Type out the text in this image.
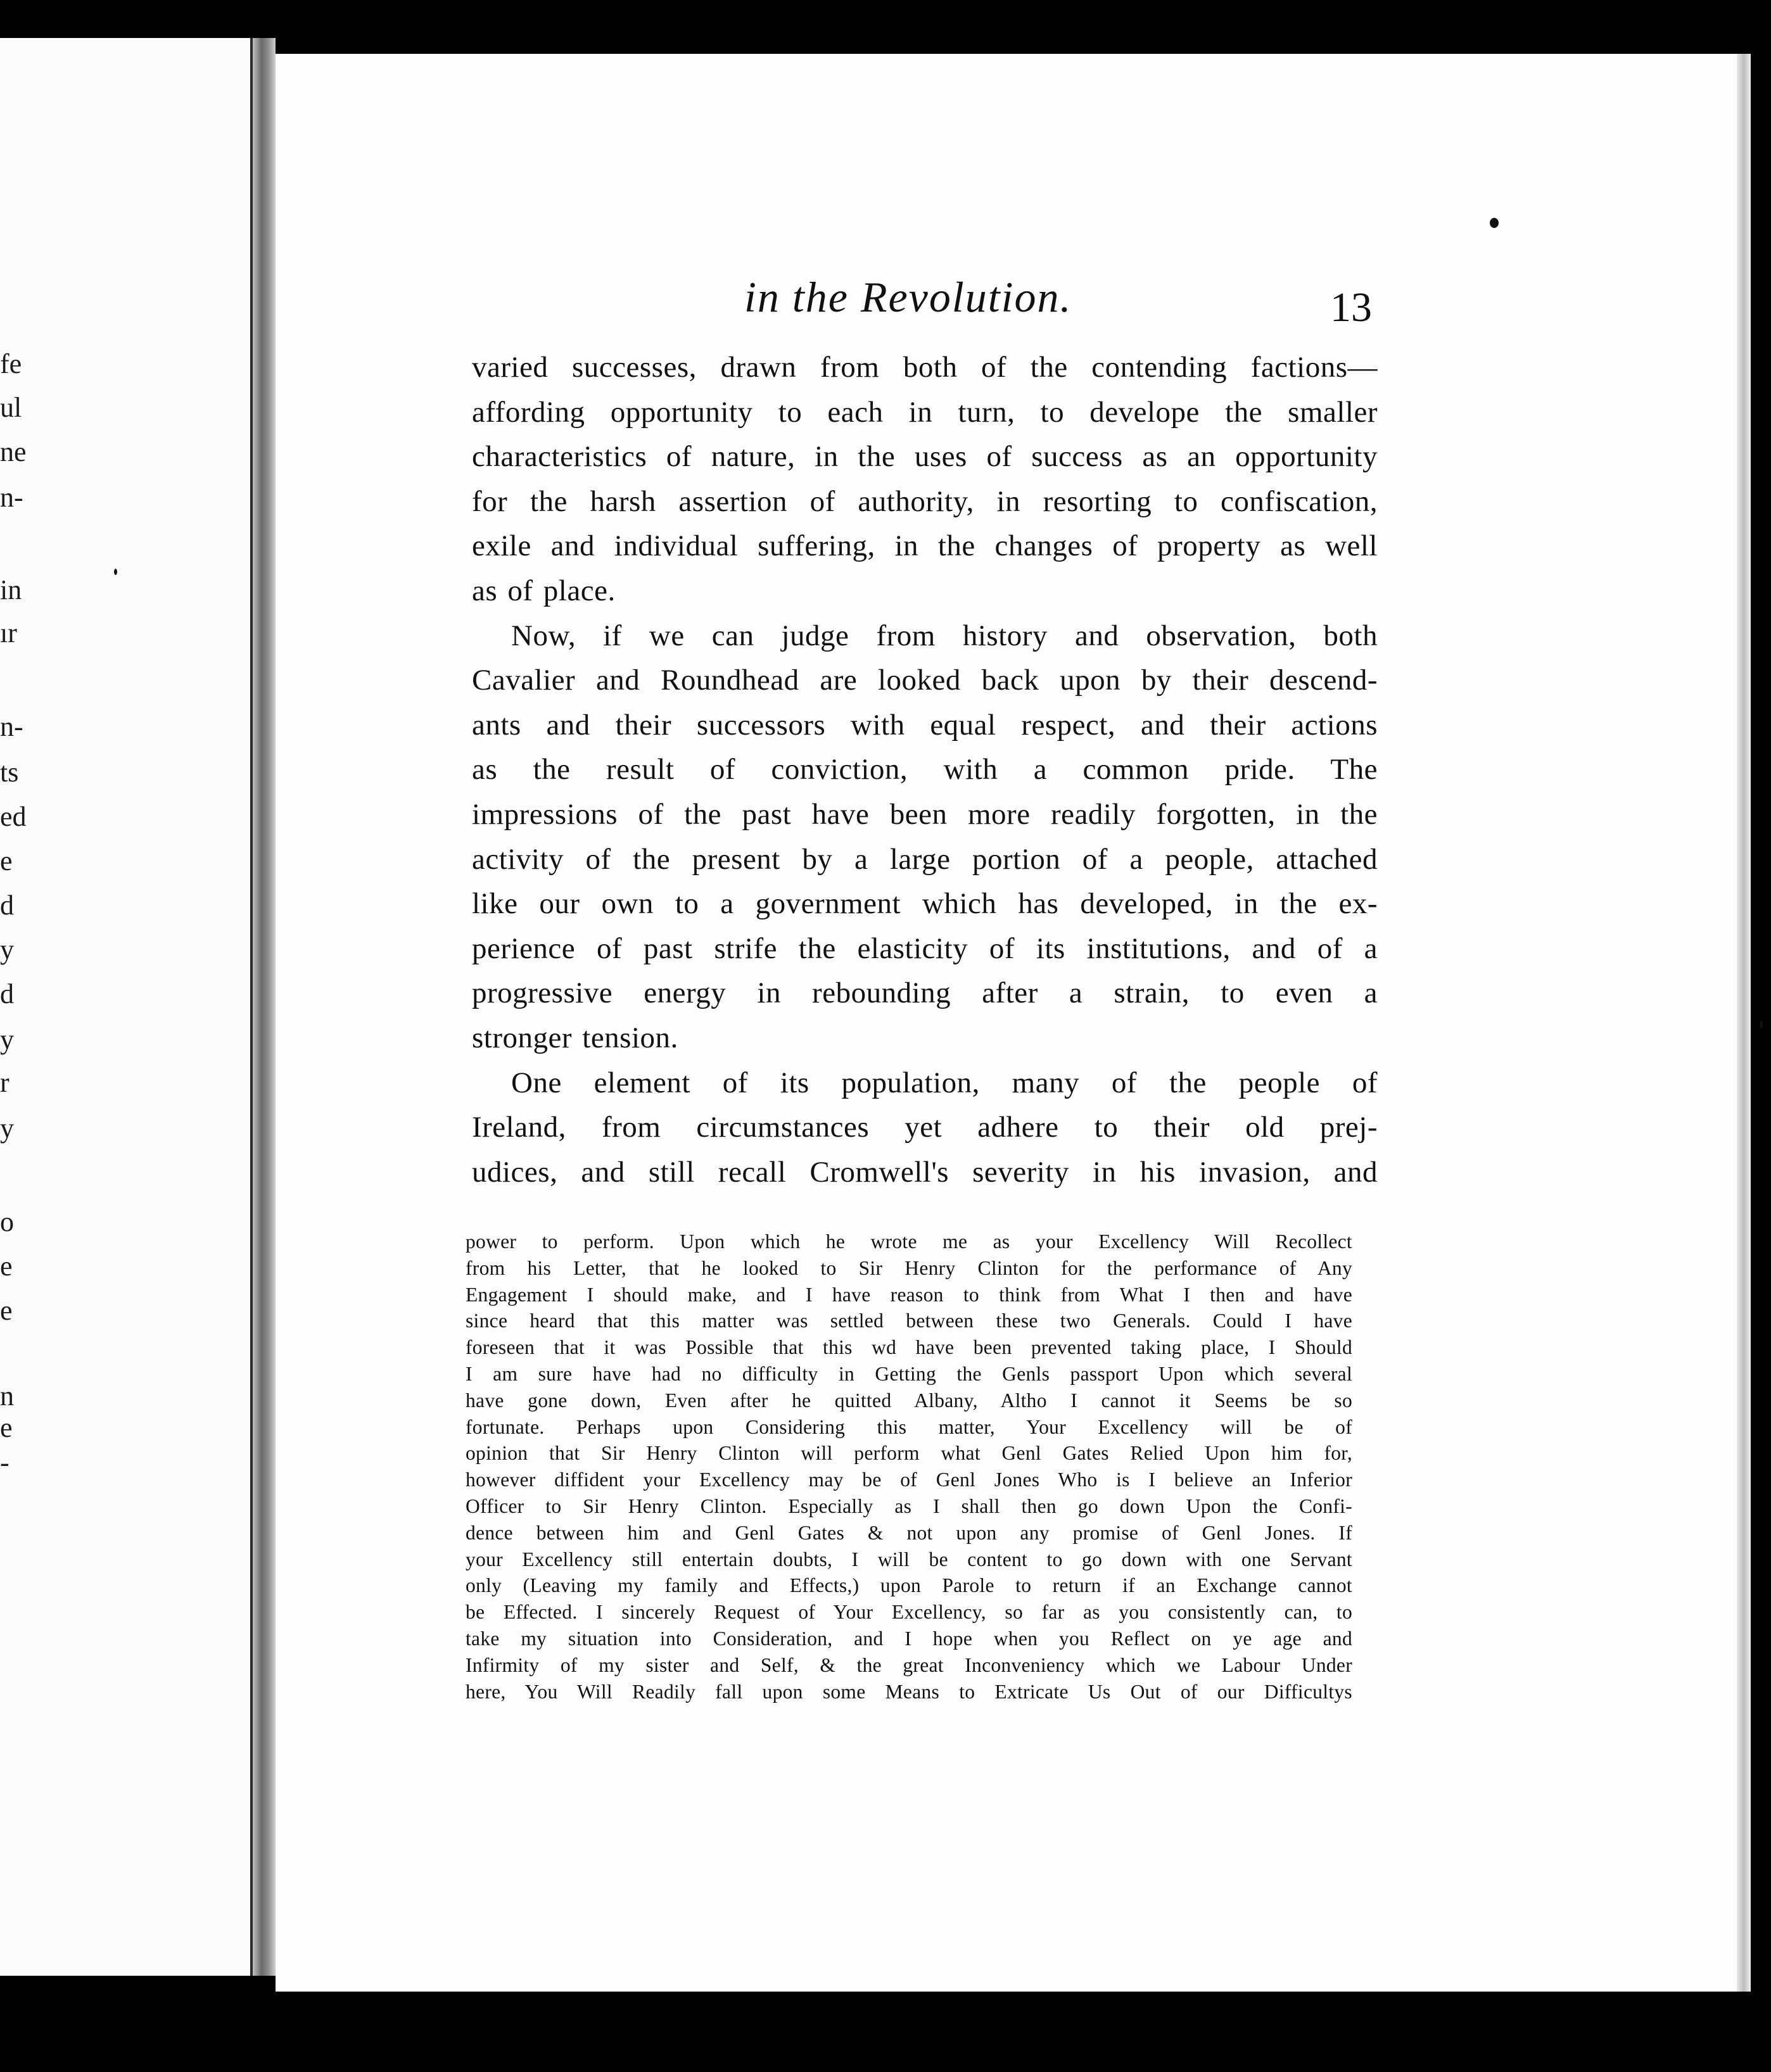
fe
ul
ne
n-
in
ır
n-
ts
ed
e
d
y
d
y
r
y
o
e
e
n
e
-
in the Revolution.	13
varied successes, drawn from both of the contending factions—
affording opportunity to each in turn, to develope the smaller
characteristics of nature, in the uses of success as an opportunity
for the harsh assertion of authority, in resorting to confiscation,
exile and individual suffering, in the changes of property as well
as of place.
Now, if we can judge from history and observation, both
Cavalier and Roundhead are looked back upon by their descend-
ants and their successors with equal respect, and their actions
as the result of conviction, with a common pride. The
impressions of the past have been more readily forgotten, in the
activity of the present by a large portion of a people, attached
like our own to a government which has developed, in the ex-
perience of past strife the elasticity of its institutions, and of a
progressive energy in rebounding after a strain, to even a
stronger tension.
One element of its population, many of the people of
Ireland, from circumstances yet adhere to their old prej-
udices, and still recall Cromwell's severity in his invasion, and
power to perform. Upon which he wrote me as your Excellency Will Recollect
from his Letter, that he looked to Sir Henry Clinton for the performance of Any
Engagement I should make, and I have reason to think from What I then and have
since heard that this matter was settled between these two Generals. Could I have
foreseen that it was Possible that this wd have been prevented taking place, I Should
I am sure have had no difficulty in Getting the Genls passport Upon which several
have gone down, Even after he quitted Albany, Altho I cannot it Seems be so
fortunate. Perhaps upon Considering this matter, Your Excellency will be of
opinion that Sir Henry Clinton will perform what Genl Gates Relied Upon him for,
however diffident your Excellency may be of Genl Jones Who is I believe an Inferior
Officer to Sir Henry Clinton. Especially as I shall then go down Upon the Confi-
dence between him and Genl Gates & not upon any promise of Genl Jones. If
your Excellency still entertain doubts, I will be content to go down with one Servant
only (Leaving my family and Effects,) upon Parole to return if an Exchange cannot
be Effected. I sincerely Request of Your Excellency, so far as you consistently can, to
take my situation into Consideration, and I hope when you Reflect on ye age and
Infirmity of my sister and Self, & the great Inconveniency which we Labour Under
here, You Will Readily fall upon some Means to Extricate Us Out of our Difficultys
